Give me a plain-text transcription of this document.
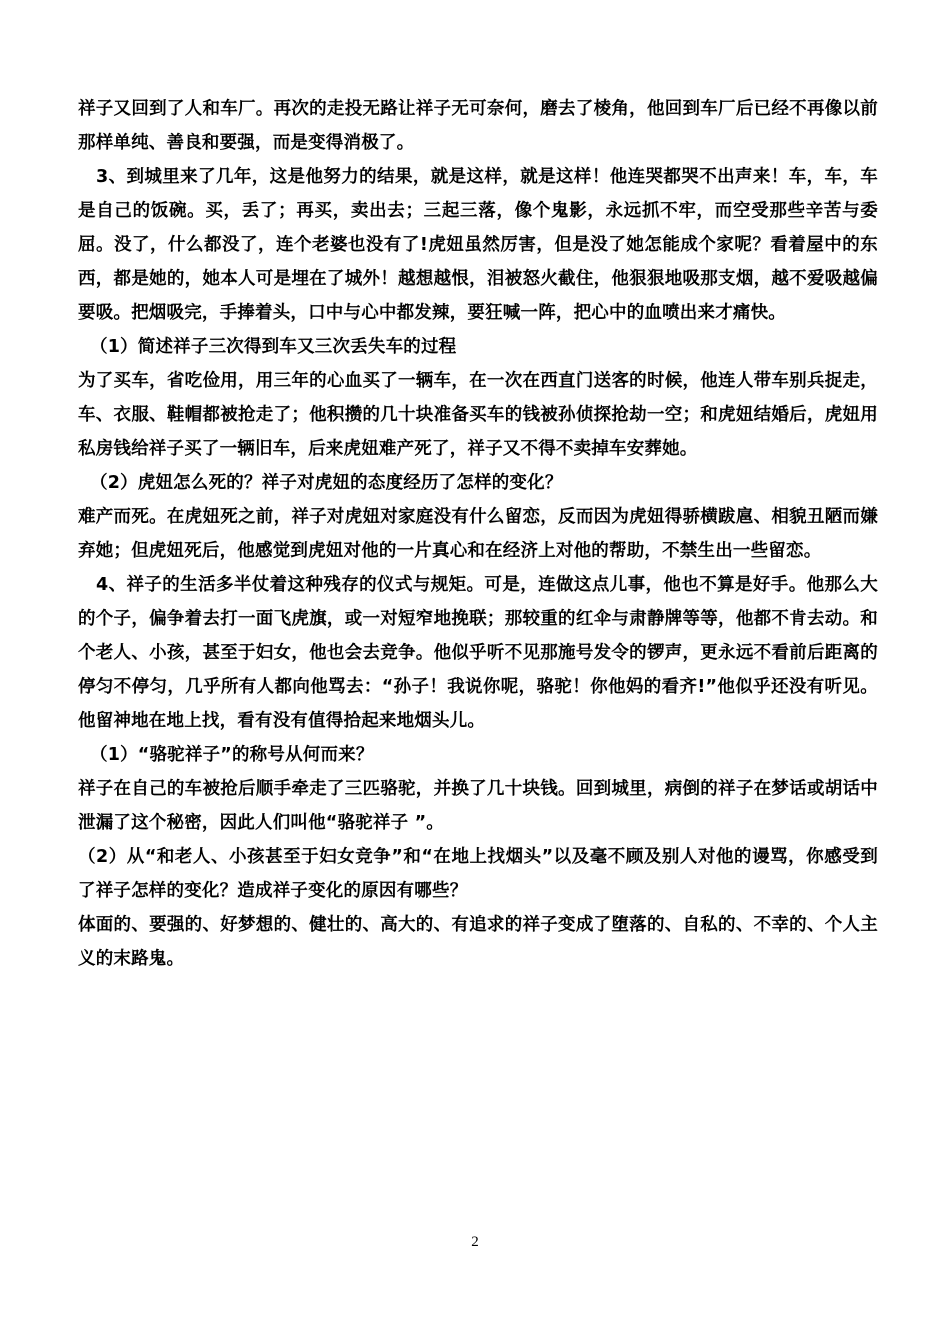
祥子又回到了人和车厂。再次的走投无路让祥子无可奈何，磨去了棱角，他回到车厂后已经不再像以前那样单纯、善良和要强，而是变得消极了。

3、到城里来了几年，这是他努力的结果，就是这样，就是这样！他连哭都哭不出声来！车，车，车是自己的饭碗。买，丢了；再买，卖出去；三起三落，像个鬼影，永远抓不牢，而空受那些辛苦与委屈。没了，什么都没了，连个老婆也没有了!虎妞虽然厉害，但是没了她怎能成个家呢？看着屋中的东西，都是她的，她本人可是埋在了城外！越想越恨，泪被怒火截住，他狠狠地吸那支烟，越不爱吸越偏要吸。把烟吸完，手捧着头，口中与心中都发辣，要狂喊一阵，把心中的血喷出来才痛快。

（1）简述祥子三次得到车又三次丢失车的过程

为了买车，省吃俭用，用三年的心血买了一辆车，在一次在西直门送客的时候，他连人带车别兵捉走，车、衣服、鞋帽都被抢走了；他积攒的几十块准备买车的钱被孙侦探抢劫一空；和虎妞结婚后，虎妞用私房钱给祥子买了一辆旧车，后来虎妞难产死了，祥子又不得不卖掉车安葬她。

（2）虎妞怎么死的？祥子对虎妞的态度经历了怎样的变化？

难产而死。在虎妞死之前，祥子对虎妞对家庭没有什么留恋，反而因为虎妞得骄横跋扈、相貌丑陋而嫌弃她；但虎妞死后，他感觉到虎妞对他的一片真心和在经济上对他的帮助，不禁生出一些留恋。

4、祥子的生活多半仗着这种残存的仪式与规矩。可是，连做这点儿事，他也不算是好手。他那么大的个子，偏争着去打一面飞虎旗，或一对短窄地挽联；那较重的红伞与肃静牌等等，他都不肯去动。和个老人、小孩，甚至于妇女，他也会去竞争。他似乎听不见那施号发令的锣声，更永远不看前后距离的停匀不停匀，几乎所有人都向他骂去：“孙子！我说你呢，骆驼！你他妈的看齐!”他似乎还没有听见。他留神地在地上找，看有没有值得拾起来地烟头儿。

（1）“骆驼祥子”的称号从何而来？

祥子在自己的车被抢后顺手牵走了三匹骆驼，并换了几十块钱。回到城里，病倒的祥子在梦话或胡话中泄漏了这个秘密，因此人们叫他“骆驼祥子 ”。

（2）从“和老人、小孩甚至于妇女竞争”和“在地上找烟头”以及毫不顾及别人对他的谩骂，你感受到了祥子怎样的变化？造成祥子变化的原因有哪些？

体面的、要强的、好梦想的、健壮的、高大的、有追求的祥子变成了堕落的、自私的、不幸的、个人主义的末路鬼。

2
